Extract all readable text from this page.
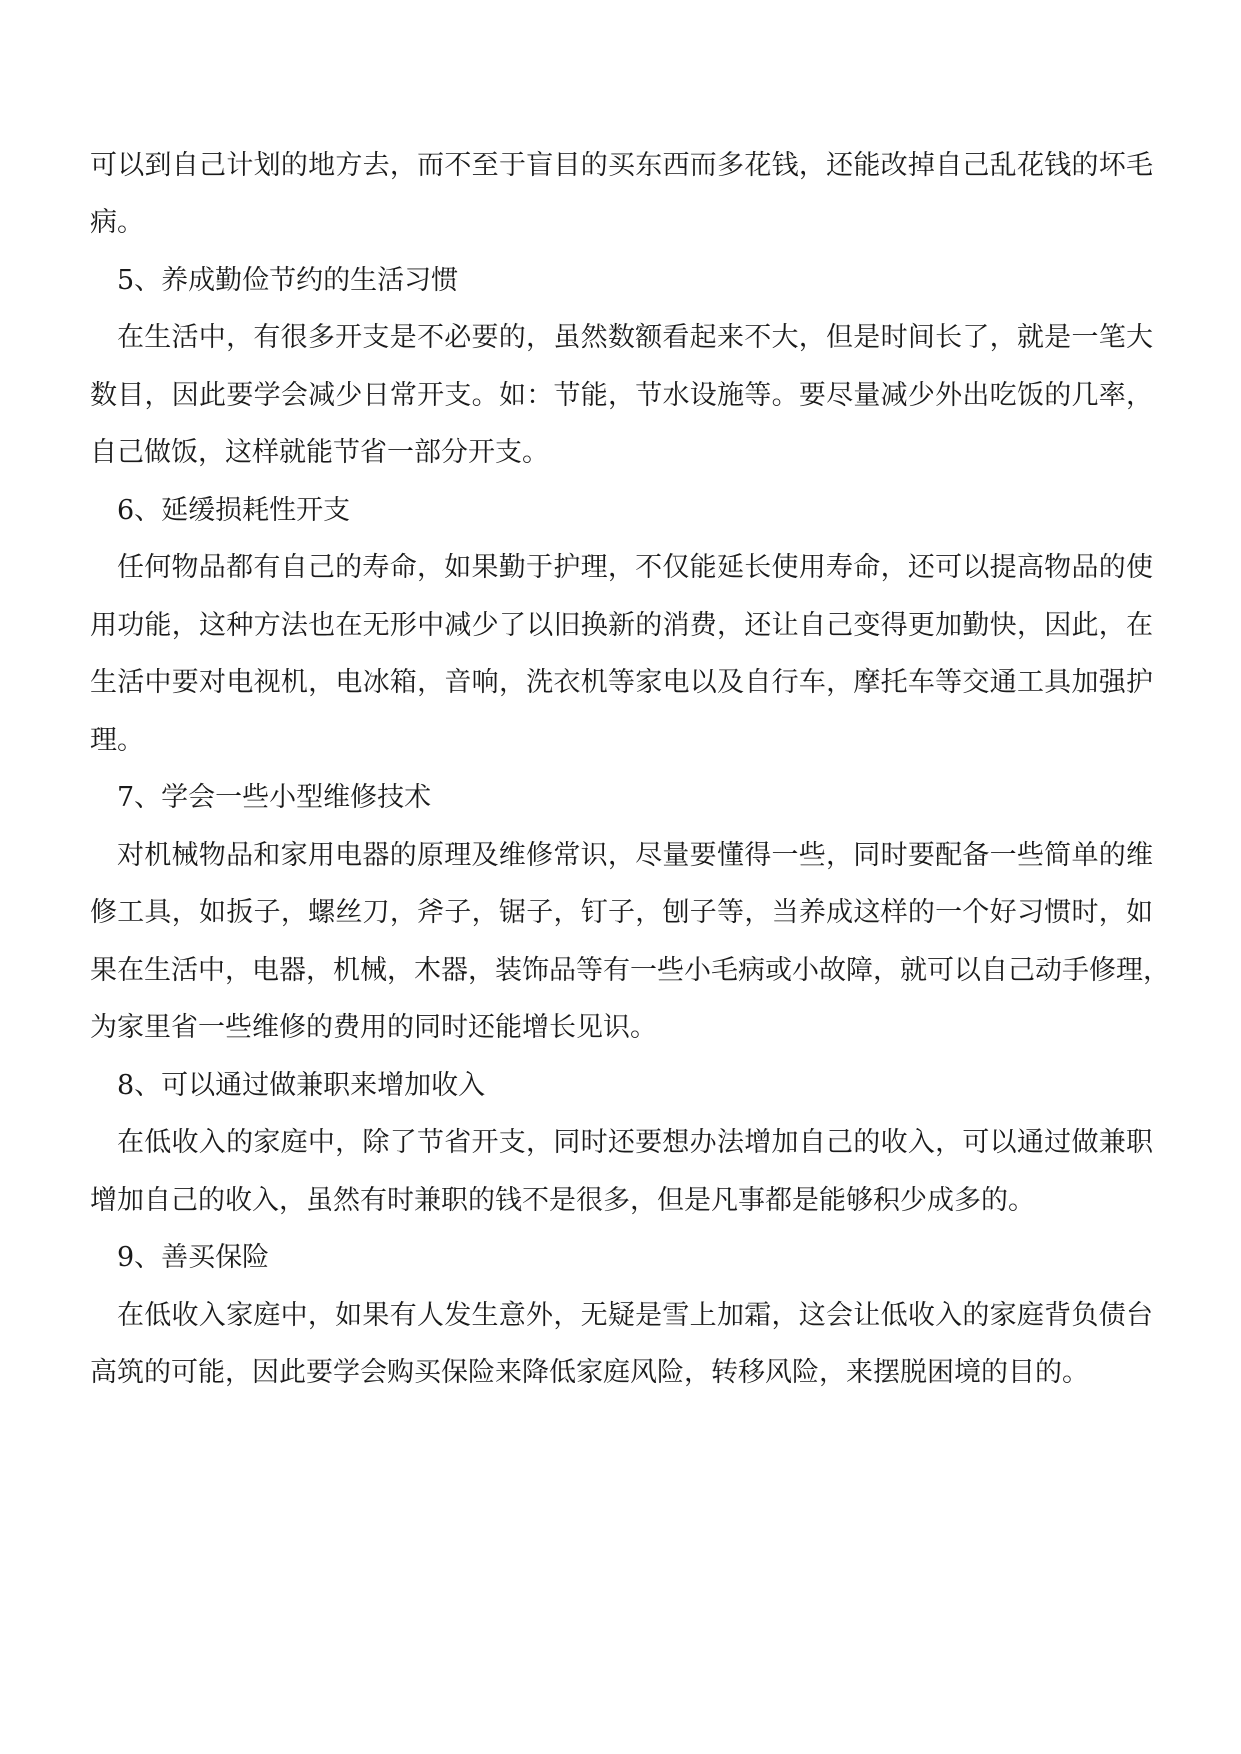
可以到自己计划的地方去，而不至于盲目的买东西而多花钱，还能改掉自己乱花钱的坏毛
病。
5、养成勤俭节约的生活习惯
在生活中，有很多开支是不必要的，虽然数额看起来不大，但是时间长了，就是一笔大
数目，因此要学会减少日常开支。如：节能，节水设施等。要尽量减少外出吃饭的几率，
自己做饭，这样就能节省一部分开支。
6、延缓损耗性开支
任何物品都有自己的寿命，如果勤于护理，不仅能延长使用寿命，还可以提高物品的使
用功能，这种方法也在无形中减少了以旧换新的消费，还让自己变得更加勤快，因此，在
生活中要对电视机，电冰箱，音响，洗衣机等家电以及自行车，摩托车等交通工具加强护
理。
7、学会一些小型维修技术
对机械物品和家用电器的原理及维修常识，尽量要懂得一些，同时要配备一些简单的维
修工具，如扳子，螺丝刀，斧子，锯子，钉子，刨子等，当养成这样的一个好习惯时，如
果在生活中，电器，机械，木器，装饰品等有一些小毛病或小故障，就可以自己动手修理，
为家里省一些维修的费用的同时还能增长见识。
8、可以通过做兼职来增加收入
在低收入的家庭中，除了节省开支，同时还要想办法增加自己的收入，可以通过做兼职
增加自己的收入，虽然有时兼职的钱不是很多，但是凡事都是能够积少成多的。
9、善买保险
在低收入家庭中，如果有人发生意外，无疑是雪上加霜，这会让低收入的家庭背负债台
高筑的可能，因此要学会购买保险来降低家庭风险，转移风险，来摆脱困境的目的。
